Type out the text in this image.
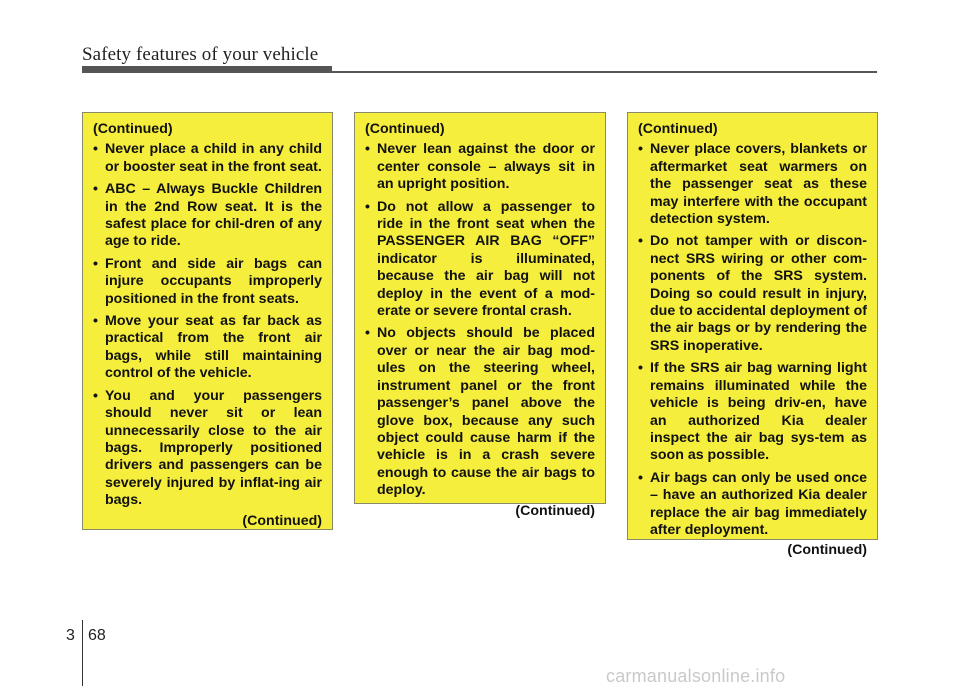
Safety features of your vehicle
(Continued)
• Never place a child in any child or booster seat in the front seat.
• ABC – Always Buckle Children in the 2nd Row seat. It is the safest place for chil-dren of any age to ride.
• Front and side air bags can injure occupants improperly positioned in the front seats.
• Move your seat as far back as practical from the front air bags, while still maintaining control of the vehicle.
• You and your passengers should never sit or lean unnecessarily close to the air bags. Improperly positioned drivers and passengers can be severely injured by inflat-ing air bags.
(Continued)
(Continued)
• Never lean against the door or center console – always sit in an upright position.
• Do not allow a passenger to ride in the front seat when the PASSENGER AIR BAG “OFF” indicator is illuminated, because the air bag will not deploy in the event of a mod-erate or severe frontal crash.
• No objects should be placed over or near the air bag mod-ules on the steering wheel, instrument panel or the front passenger’s panel above the glove box, because any such object could cause harm if the vehicle is in a crash severe enough to cause the air bags to deploy.
(Continued)
(Continued)
• Never place covers, blankets or aftermarket seat warmers on the passenger seat as these may interfere with the occupant detection system.
• Do not tamper with or discon-nect SRS wiring or other com-ponents of the SRS system. Doing so could result in injury, due to accidental deployment of the air bags or by rendering the SRS inoperative.
• If the SRS air bag warning light remains illuminated while the vehicle is being driv-en, have an authorized Kia dealer inspect the air bag sys-tem as soon as possible.
• Air bags can only be used once – have an authorized Kia dealer replace the air bag immediately after deployment.
(Continued)
3 68
carmanualsonline.info
